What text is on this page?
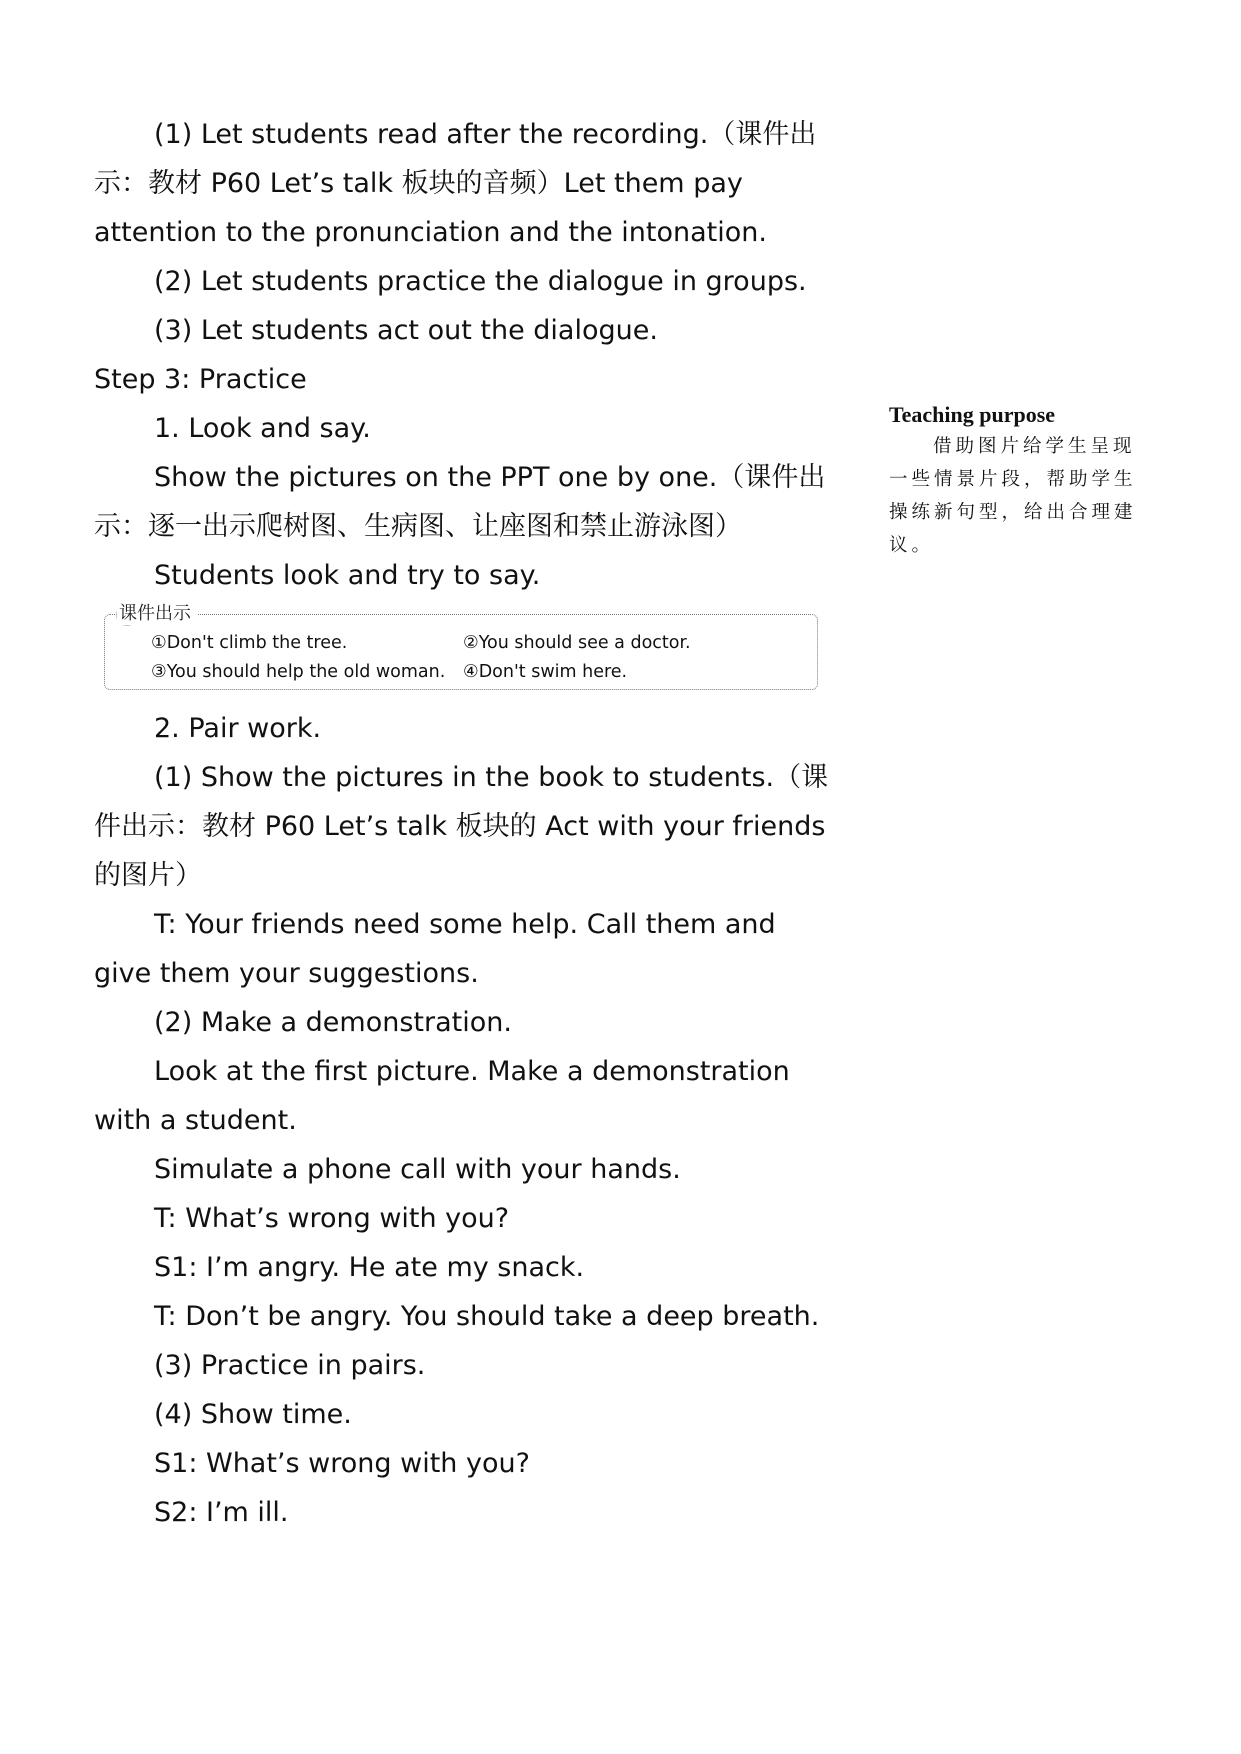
(1) Let students read after the recording.（课件出示：教材 P60 Let’s talk 板块的音频）Let them pay attention to the pronunciation and the intonation.

(2) Let students practice the dialogue in groups.

(3) Let students act out the dialogue.

Step 3: Practice

1. Look and say.

Show the pictures on the PPT one by one.（课件出示：逐一出示爬树图、生病图、让座图和禁止游泳图）

Students look and try to say.

课件出示
①Don't climb the tree.	②You should see a doctor.
③You should help the old woman. ④Don't swim here.

2. Pair work.

(1) Show the pictures in the book to students.（课件出示：教材 P60 Let’s talk 板块的 Act with your friends 的图片）

T: Your friends need some help. Call them and give them your suggestions.

(2) Make a demonstration.

Look at the first picture. Make a demonstration with a student.

Simulate a phone call with your hands.

T: What’s wrong with you?

S1: I’m angry. He ate my snack.

T: Don’t be angry. You should take a deep breath.

(3) Practice in pairs.

(4) Show time.

S1: What’s wrong with you?

S2: I’m ill.

Teaching purpose

借助图片给学生呈现一些情景片段，帮助学生操练新句型，给出合理建议。
